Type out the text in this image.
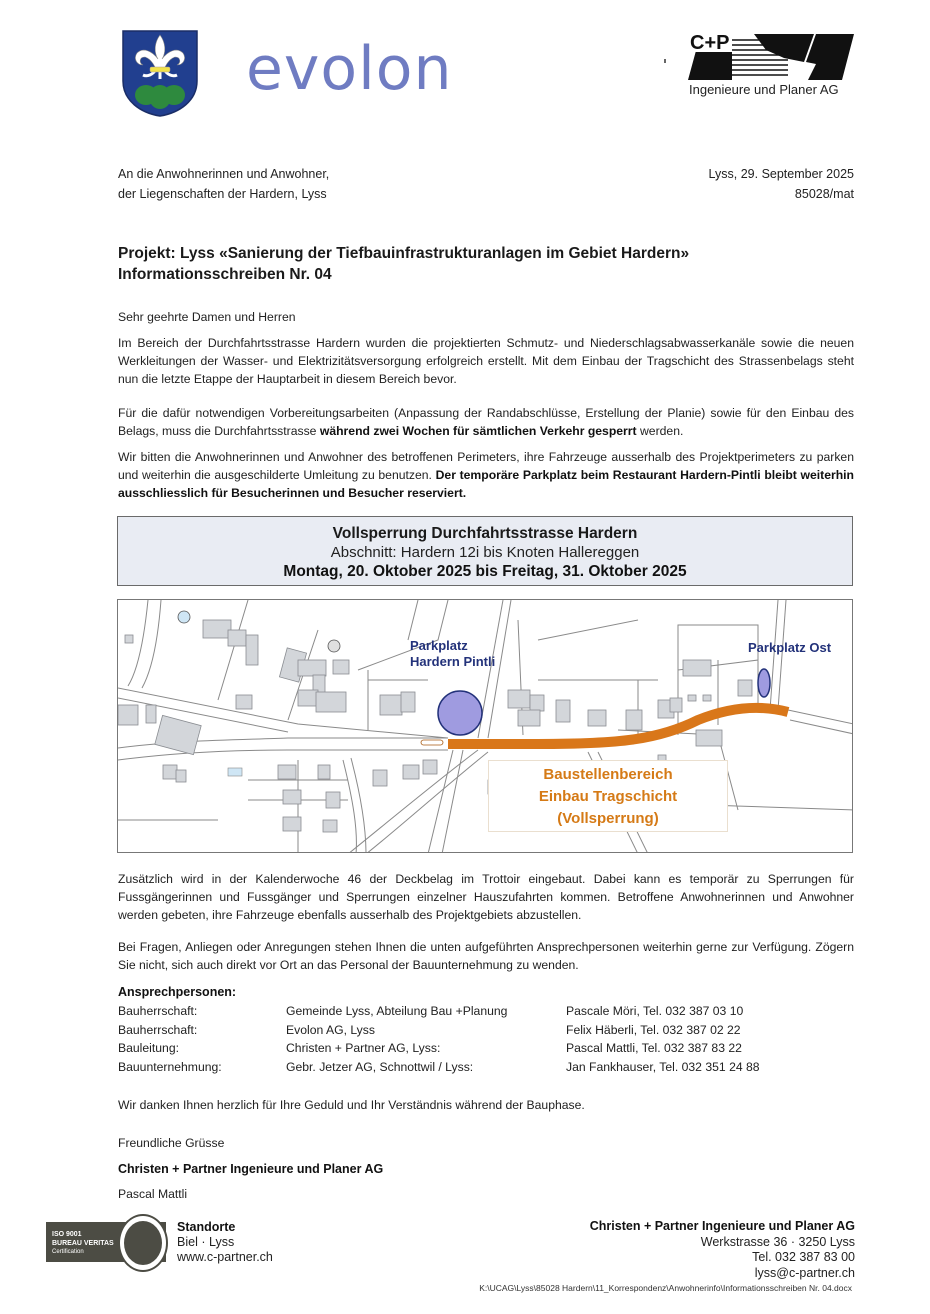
evolon	C+P
Ingenieure und Planer AG
An die Anwohnerinnen und Anwohner,
der Liegenschaften der Hardern, Lyss
Lyss, 29. September 2025
85028/mat
Projekt: Lyss «Sanierung der Tiefbauinfrastrukturanlagen im Gebiet Hardern»
Informationsschreiben Nr. 04
Sehr geehrte Damen und Herren
Im Bereich der Durchfahrtsstrasse Hardern wurden die projektierten Schmutz- und Niederschlagsabwasserkanäle sowie die neuen Werkleitungen der Wasser- und Elektrizitätsversorgung erfolgreich erstellt. Mit dem Einbau der Tragschicht des Strassenbelags steht nun die letzte Etappe der Hauptarbeit in diesem Bereich bevor.
Für die dafür notwendigen Vorbereitungsarbeiten (Anpassung der Randabschlüsse, Erstellung der Planie) sowie für den Einbau des Belags, muss die Durchfahrtsstrasse während zwei Wochen für sämtlichen Verkehr gesperrt werden.
Wir bitten die Anwohnerinnen und Anwohner des betroffenen Perimeters, ihre Fahrzeuge ausserhalb des Projektperimeters zu parken und weiterhin die ausgeschilderte Umleitung zu benutzen. Der temporäre Parkplatz beim Restaurant Hardern-Pintli bleibt weiterhin ausschliesslich für Besucherinnen und Besucher reserviert.
Vollsperrung Durchfahrtsstrasse Hardern
Abschnitt: Hardern 12i bis Knoten Hallereggen
Montag, 20. Oktober 2025 bis Freitag, 31. Oktober 2025
Parkplatz
Hardern Pintli
Parkplatz Ost
Baustellenbereich
Einbau Tragschicht
(Vollsperrung)
Zusätzlich wird in der Kalenderwoche 46 der Deckbelag im Trottoir eingebaut. Dabei kann es temporär zu Sperrungen für Fussgängerinnen und Fussgänger und Sperrungen einzelner Hauszufahrten kommen. Betroffene Anwohnerinnen und Anwohner werden gebeten, ihre Fahrzeuge ebenfalls ausserhalb des Projektgebiets abzustellen.
Bei Fragen, Anliegen oder Anregungen stehen Ihnen die unten aufgeführten Ansprechpersonen weiterhin gerne zur Verfügung. Zögern Sie nicht, sich auch direkt vor Ort an das Personal der Bauunternehmung zu wenden.
Ansprechpersonen:
Bauherrschaft:	Gemeinde Lyss, Abteilung Bau +Planung	Pascale Möri, Tel. 032 387 03 10
Bauherrschaft:	Evolon AG, Lyss	Felix Häberli, Tel. 032 387 02 22
Bauleitung:	Christen + Partner AG, Lyss:	Pascal Mattli, Tel. 032 387 83 22
Bauunternehmung:	Gebr. Jetzer AG, Schnottwil / Lyss:	Jan Fankhauser, Tel. 032 351 24 88
Wir danken Ihnen herzlich für Ihre Geduld und Ihr Verständnis während der Bauphase.
Freundliche Grüsse
Christen + Partner Ingenieure und Planer AG
Pascal Mattli
ISO 9001
BUREAU VERITAS
Certification
Standorte
Biel · Lyss
www.c-partner.ch
Christen + Partner Ingenieure und Planer AG
Werkstrasse 36 · 3250 Lyss
Tel. 032 387 83 00
lyss@c-partner.ch
K:\UCAG\Lyss\85028 Hardern\11_Korrespondenz\Anwohnerinfo\Informationsschreiben Nr. 04.docx
